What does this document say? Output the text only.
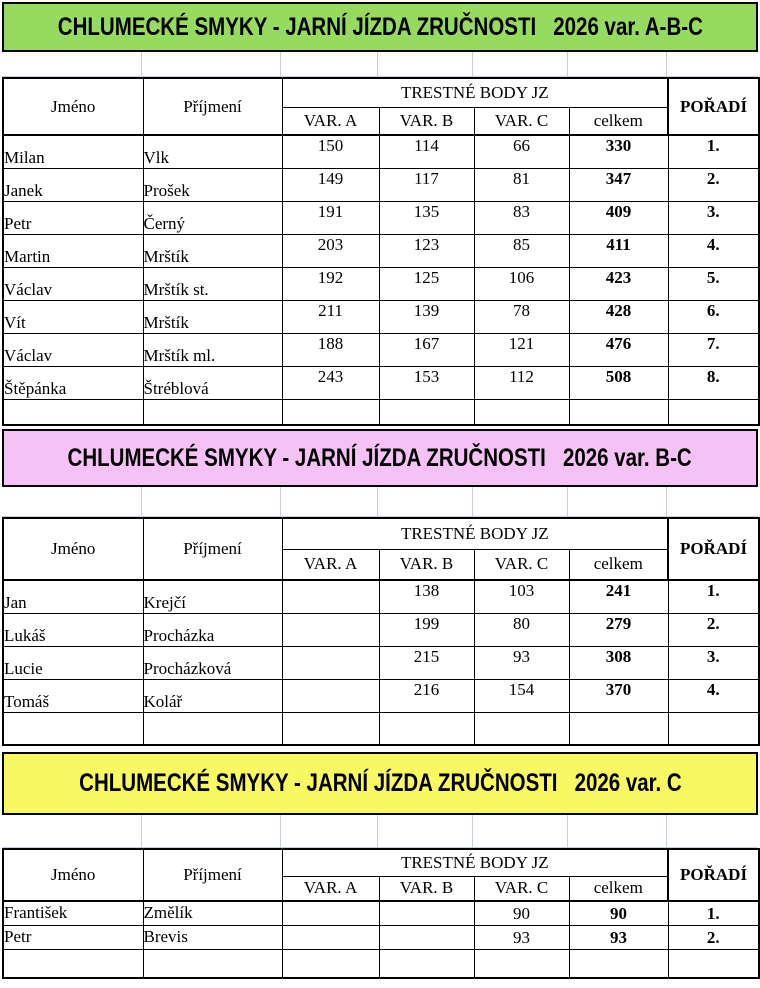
CHLUMECKÉ SMYKY - JARNÍ JÍZDA ZRUČNOSTI   2026 var. A-B-C
Jméno	Příjmení	TRESTNÉ BODY JZ				POŘADÍ
		VAR. A	VAR. B	VAR. C	celkem	
Milan	Vlk	150	114	66	330	1.
Janek	Prošek	149	117	81	347	2.
Petr	Černý	191	135	83	409	3.
Martin	Mrštík	203	123	85	411	4.
Václav	Mrštík st.	192	125	106	423	5.
Vít	Mrštík	211	139	78	428	6.
Václav	Mrštík ml.	188	167	121	476	7.
Štěpánka	Štréblová	243	153	112	508	8.

CHLUMECKÉ SMYKY - JARNÍ JÍZDA ZRUČNOSTI   2026 var. B-C
Jméno	Příjmení	TRESTNÉ BODY JZ				POŘADÍ
		VAR. A	VAR. B	VAR. C	celkem	
Jan	Krejčí		138	103	241	1.
Lukáš	Procházka		199	80	279	2.
Lucie	Procházková		215	93	308	3.
Tomáš	Kolář		216	154	370	4.

CHLUMECKÉ SMYKY - JARNÍ JÍZDA ZRUČNOSTI   2026 var. C
Jméno	Příjmení	TRESTNÉ BODY JZ				POŘADÍ
		VAR. A	VAR. B	VAR. C	celkem	
František	Změlík			90	90	1.
Petr	Brevis			93	93	2.
